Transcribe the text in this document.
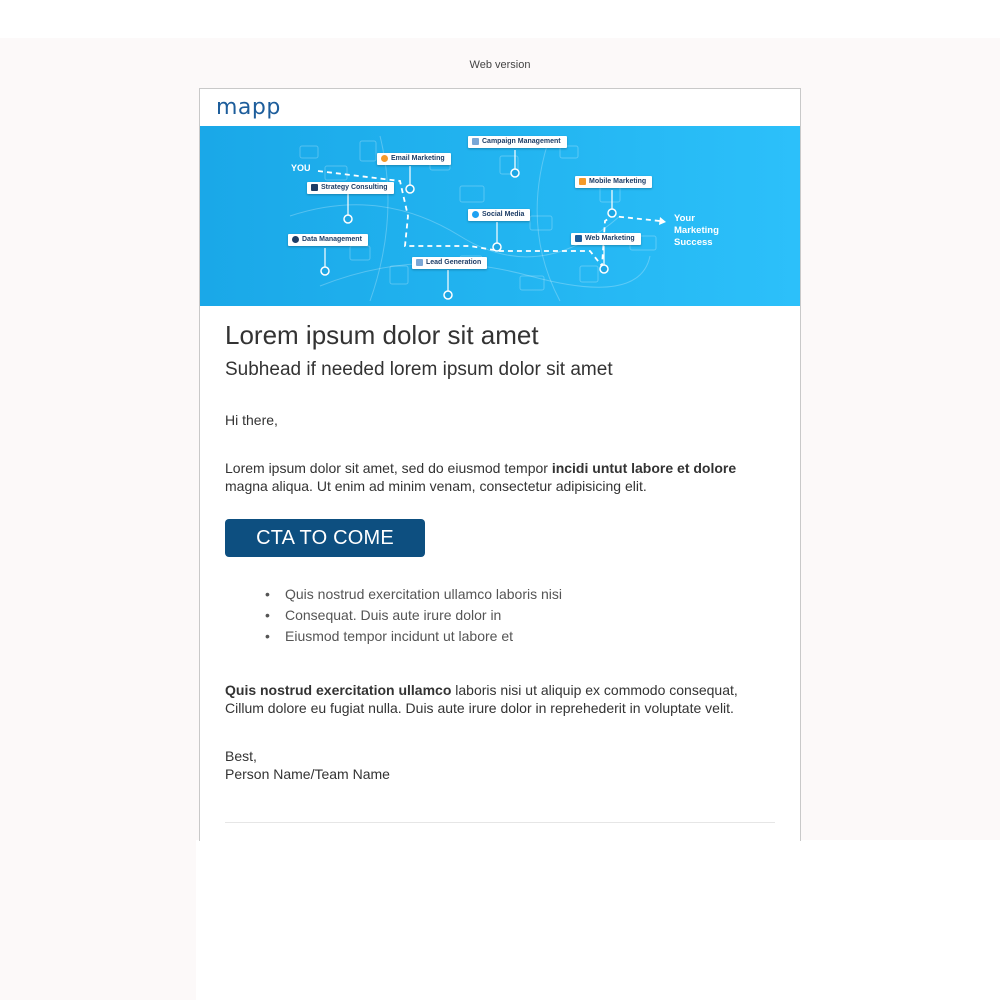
Web version
mapp
YOU
Campaign Management
Email Marketing
Strategy Consulting
Mobile Marketing
Social Media
Web Marketing
Data Management
Lead Generation
Your
Marketing
Success
Lorem ipsum dolor sit amet
Subhead if needed lorem ipsum dolor sit amet
Hi there,
Lorem ipsum dolor sit amet, sed do eiusmod tempor incidi untut labore et dolore magna aliqua. Ut enim ad minim venam, consectetur adipisicing elit.
CTA TO COME
• Quis nostrud exercitation ullamco laboris nisi
• Consequat. Duis aute irure dolor in
• Eiusmod tempor incidunt ut labore et
Quis nostrud exercitation ullamco laboris nisi ut aliquip ex commodo consequat, Cillum dolore eu fugiat nulla. Duis aute irure dolor in reprehederit in voluptate velit.
Best,
Person Name/Team Name
